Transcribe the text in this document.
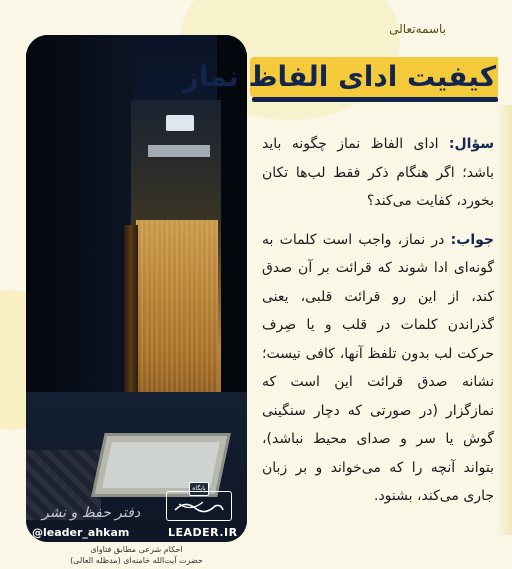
دفتر حفظ و نشر
@leader_ahkam
پایگاه
LEADER.IR
احکام شرعی مطابق فتاوای
حضرت آیت‌الله خامنه‌ای (مدظله العالی)
باسمه‌تعالی
کیفیت ادای الفاظ نماز

سؤال: ادای الفاظ نماز چگونه باید باشد؛ اگر هنگام ذکر فقط لب‌ها تکان بخورد، کفایت می‌کند؟

جواب: در نماز، واجب است کلمات به گونه‌ای ادا شوند که قرائت بر آن صدق کند، از این رو قرائت قلبی، یعنی گذراندن کلمات در قلب و یا صِرف حرکت لب بدون تلفظ آنها، کافی نیست؛ نشانه صدق قرائت این است که نمازگزار (در صورتی که دچار سنگینی گوش یا سر و صدای محیط نباشد)، بتواند آنچه را که می‌خواند و بر زبان جاری می‌کند، بشنود.
